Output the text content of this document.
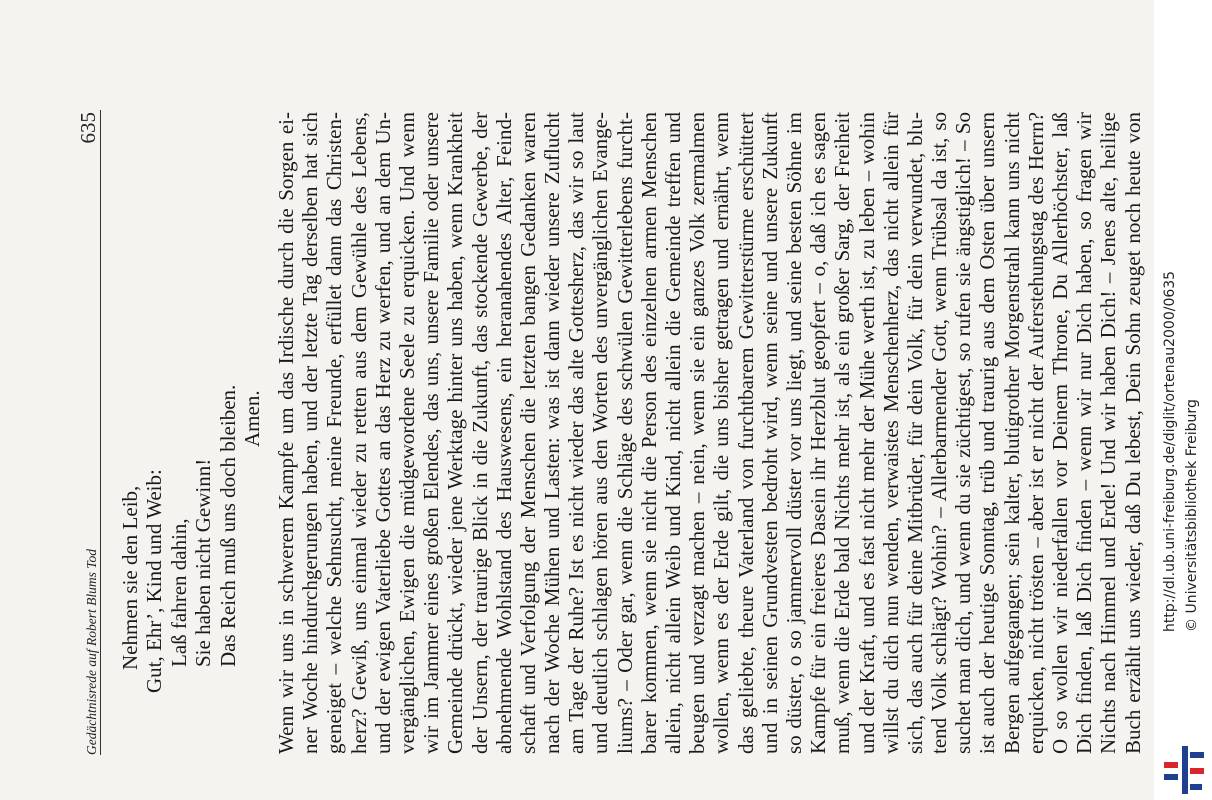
Gedächtnisrede auf Robert Blums Tod
635
Nehmen sie den Leib, Gut, Ehr’, Kind und Weib: Laß fahren dahin, Sie haben nicht Gewinn! Das Reich muß uns doch bleiben. Amen. Wenn wir uns in schwerem Kampfe um das Irdische durch die Sorgen ei- ner Woche hindurchgerungen haben, und der letzte Tag derselben hat sich geneiget – welche Sehnsucht, meine Freunde, erfüllet dann das Christen- herz? Gewiß, uns einmal wieder zu retten aus dem Gewühle des Lebens, und der ewigen Vaterliebe Gottes an das Herz zu werfen, und an dem Un- vergänglichen, Ewigen die müdgewordene Seele zu erquicken. Und wenn wir im Jammer eines großen Elendes, das uns, unsere Familie oder unsere Gemeinde drückt, wieder jene Werktage hinter uns haben, wenn Krankheit der Unsern, der traurige Blick in die Zukunft, das stockende Gewerbe, der abnehmende Wohlstand des Hauswesens, ein heranahendes Alter, Feind- schaft und Verfolgung der Menschen die letzten bangen Gedanken waren nach der Woche Mühen und Lasten: was ist dann wieder unsere Zuflucht am Tage der Ruhe? Ist es nicht wieder das alte Gottesherz, das wir so laut und deutlich schlagen hören aus den Worten des unvergänglichen Evange- liums? – Oder gar, wenn die Schläge des schwülen Gewitterlebens furcht- barer kommen, wenn sie nicht die Person des einzelnen armen Menschen allein, nicht allein Weib und Kind, nicht allein die Gemeinde treffen und beugen und verzagt machen – nein, wenn sie ein ganzes Volk zermalmen wollen, wenn es der Erde gilt, die uns bisher getragen und ernährt, wenn das geliebte, theure Vaterland von furchtbarem Gewitterstürme erschüttert und in seinen Grundvesten bedroht wird, wenn seine und unsere Zukunft so düster, o so jammervoll düster vor uns liegt, und seine besten Söhne im Kampfe für ein freieres Dasein ihr Herzblut geopfert – o, daß ich es sagen muß, wenn die Erde bald Nichts mehr ist, als ein großer Sarg, der Freiheit und der Kraft, und es fast nicht mehr der Mühe werth ist, zu leben – wohin willst du dich nun wenden, verwaistes Menschenherz, das nicht allein für sich, das auch für deine Mitbrüder, für dein Volk, für dein verwundet, blu- tend Volk schlägt? Wohin? – Allerbarmender Gott, wenn Trübsal da ist, so suchet man dich, und wenn du sie züchtigest, so rufen sie ängstiglich! – So ist auch der heutige Sonntag, trüb und traurig aus dem Osten über unsern Bergen aufgegangen; sein kalter, blutigrother Morgenstrahl kann uns nicht erquicken, nicht trösten – aber ist er nicht der Auferstehungstag des Herrn? O so wollen wir niederfallen vor Deinem Throne, Du Allerhöchster, laß Dich finden, laß Dich finden – wenn wir nur Dich haben, so fragen wir Nichts nach Himmel und Erde! Und wir haben Dich! – Jenes alte, heilige Buch erzählt uns wieder, daß Du lebest, Dein Sohn zeuget noch heute von http://dl.ub.uni-freiburg.de/diglit/ortenau2000/0635 © Universitätsbibliothek Freiburg
